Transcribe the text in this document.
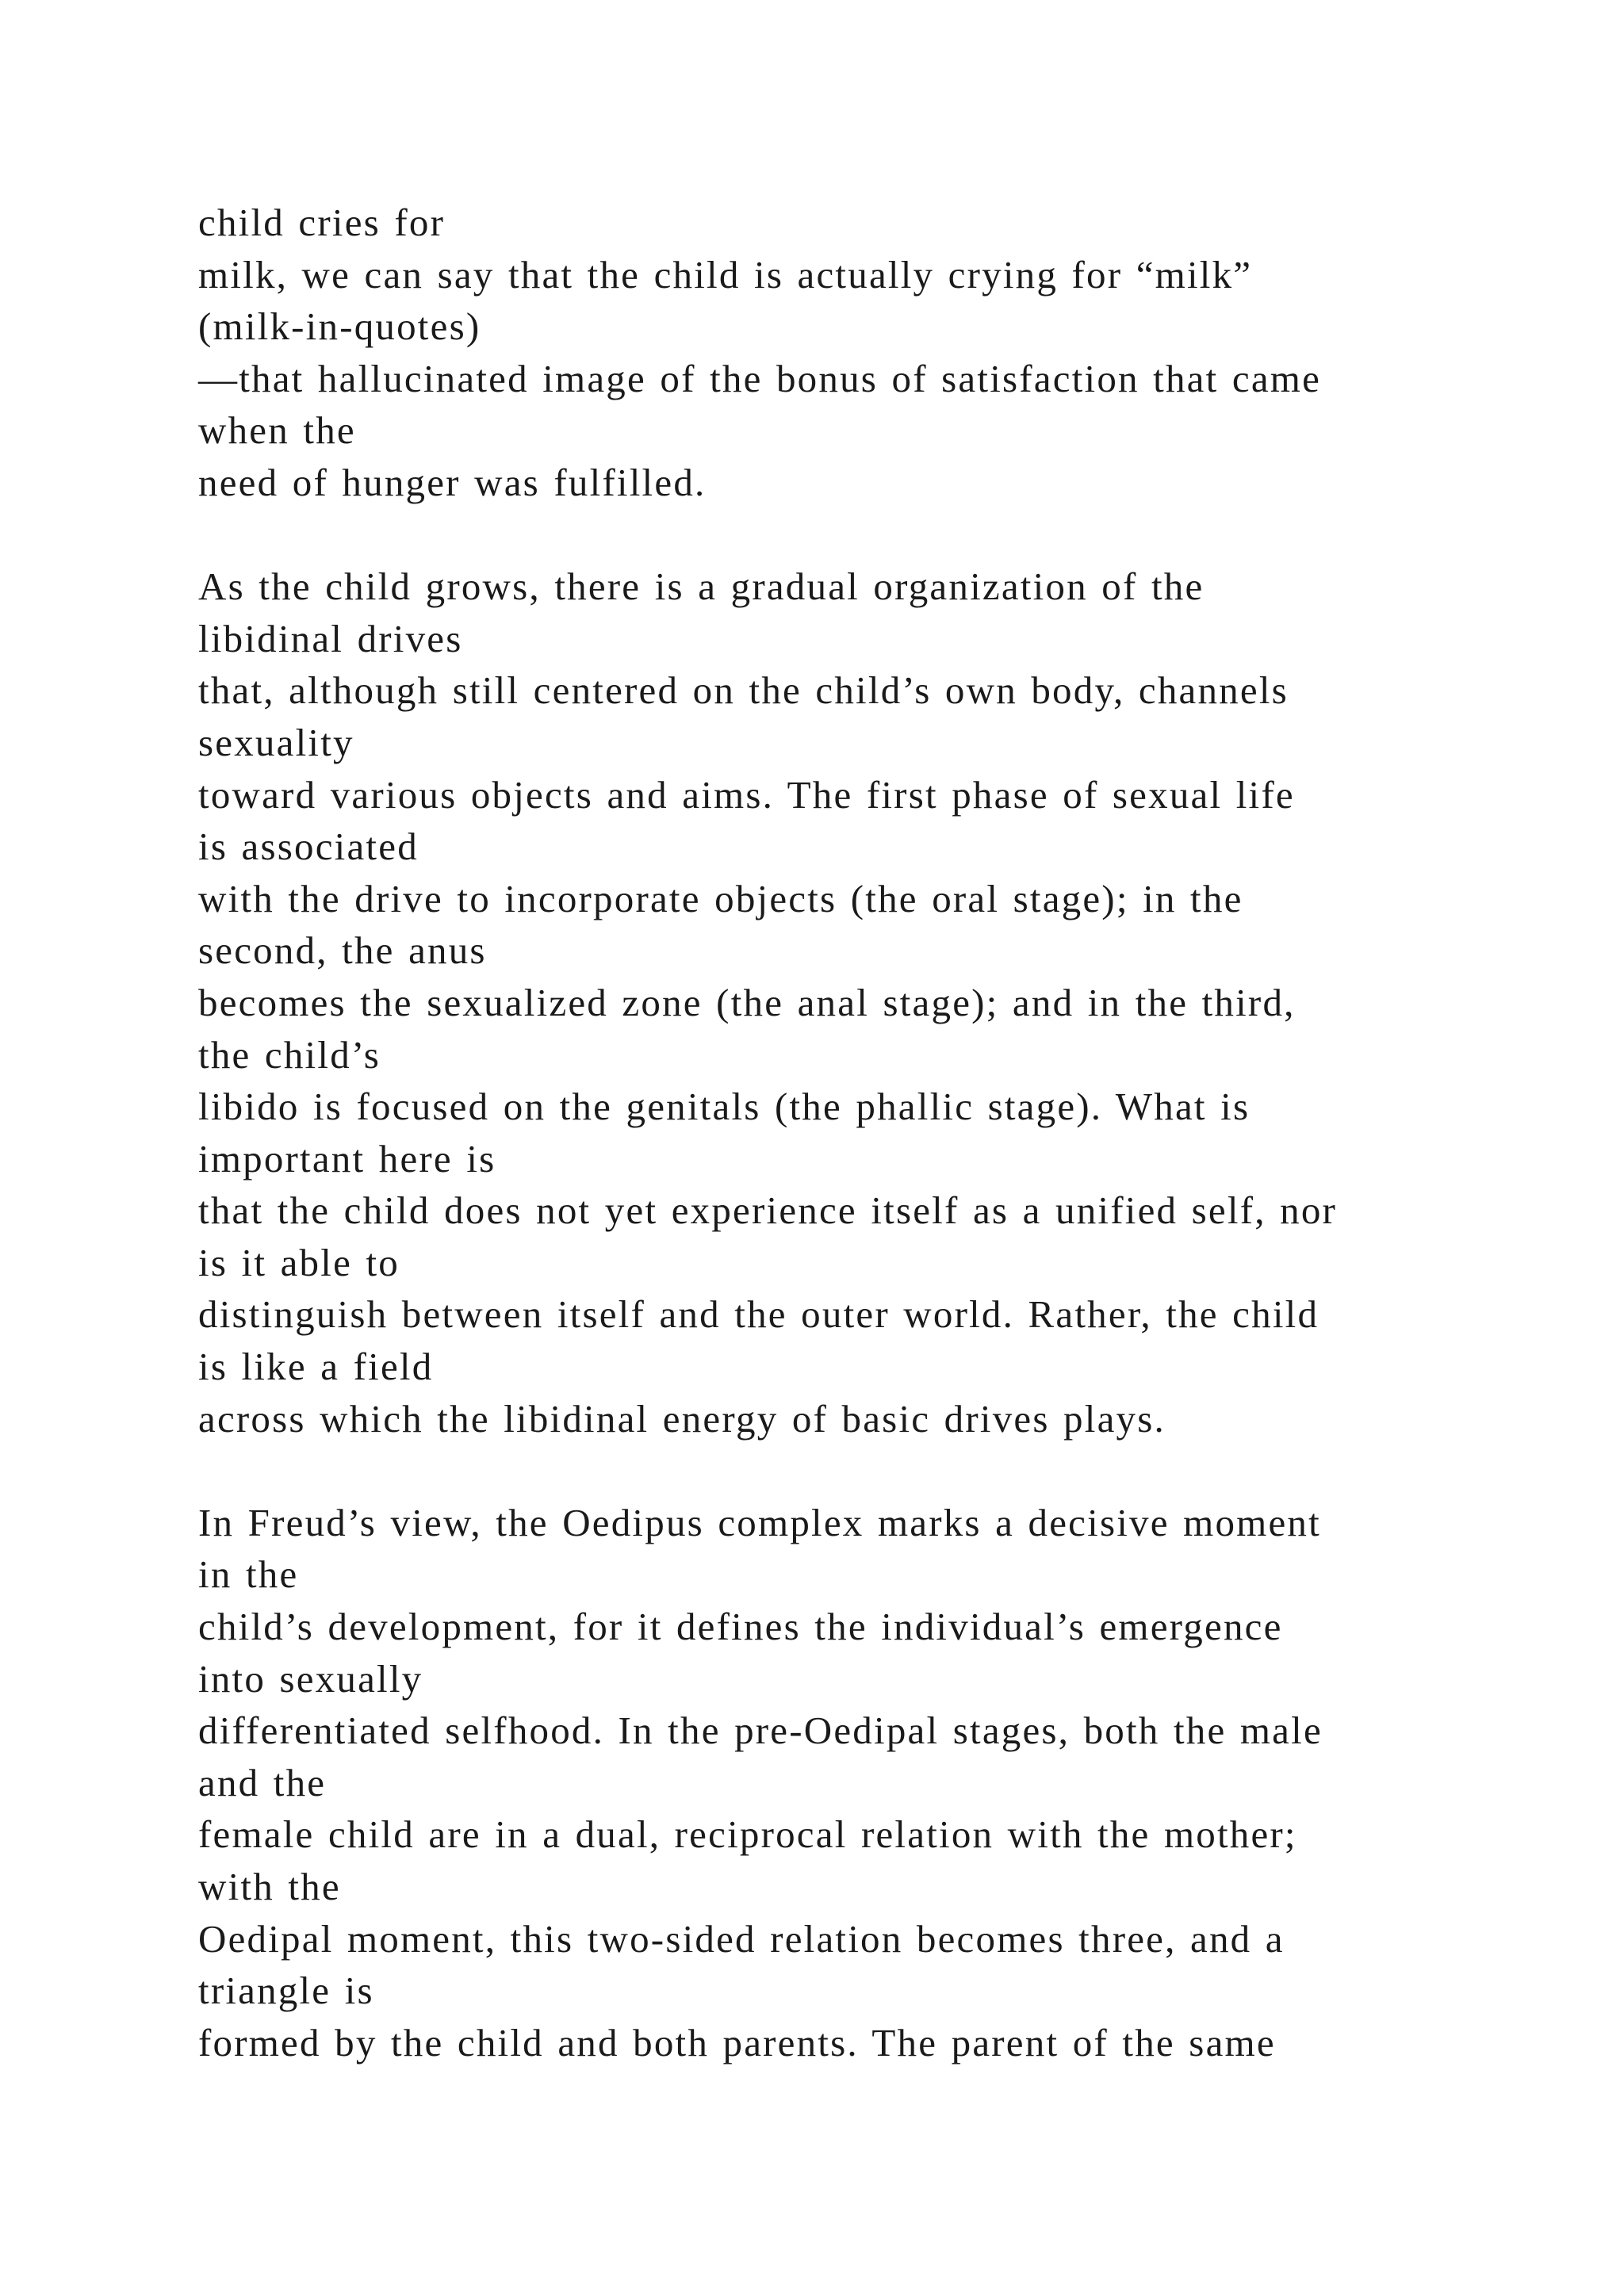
child cries for
milk, we can say that the child is actually crying for “milk”
(milk-in-quotes)
—that hallucinated image of the bonus of satisfaction that came
when the
need of hunger was fulfilled.
As the child grows, there is a gradual organization of the
libidinal drives
that, although still centered on the child’s own body, channels
sexuality
toward various objects and aims. The first phase of sexual life
is associated
with the drive to incorporate objects (the oral stage); in the
second, the anus
becomes the sexualized zone (the anal stage); and in the third,
the child’s
libido is focused on the genitals (the phallic stage). What is
important here is
that the child does not yet experience itself as a unified self, nor
is it able to
distinguish between itself and the outer world. Rather, the child
is like a field
across which the libidinal energy of basic drives plays.
In Freud’s view, the Oedipus complex marks a decisive moment
in the
child’s development, for it defines the individual’s emergence
into sexually
differentiated selfhood. In the pre-Oedipal stages, both the male
and the
female child are in a dual, reciprocal relation with the mother;
with the
Oedipal moment, this two-sided relation becomes three, and a
triangle is
formed by the child and both parents. The parent of the same
